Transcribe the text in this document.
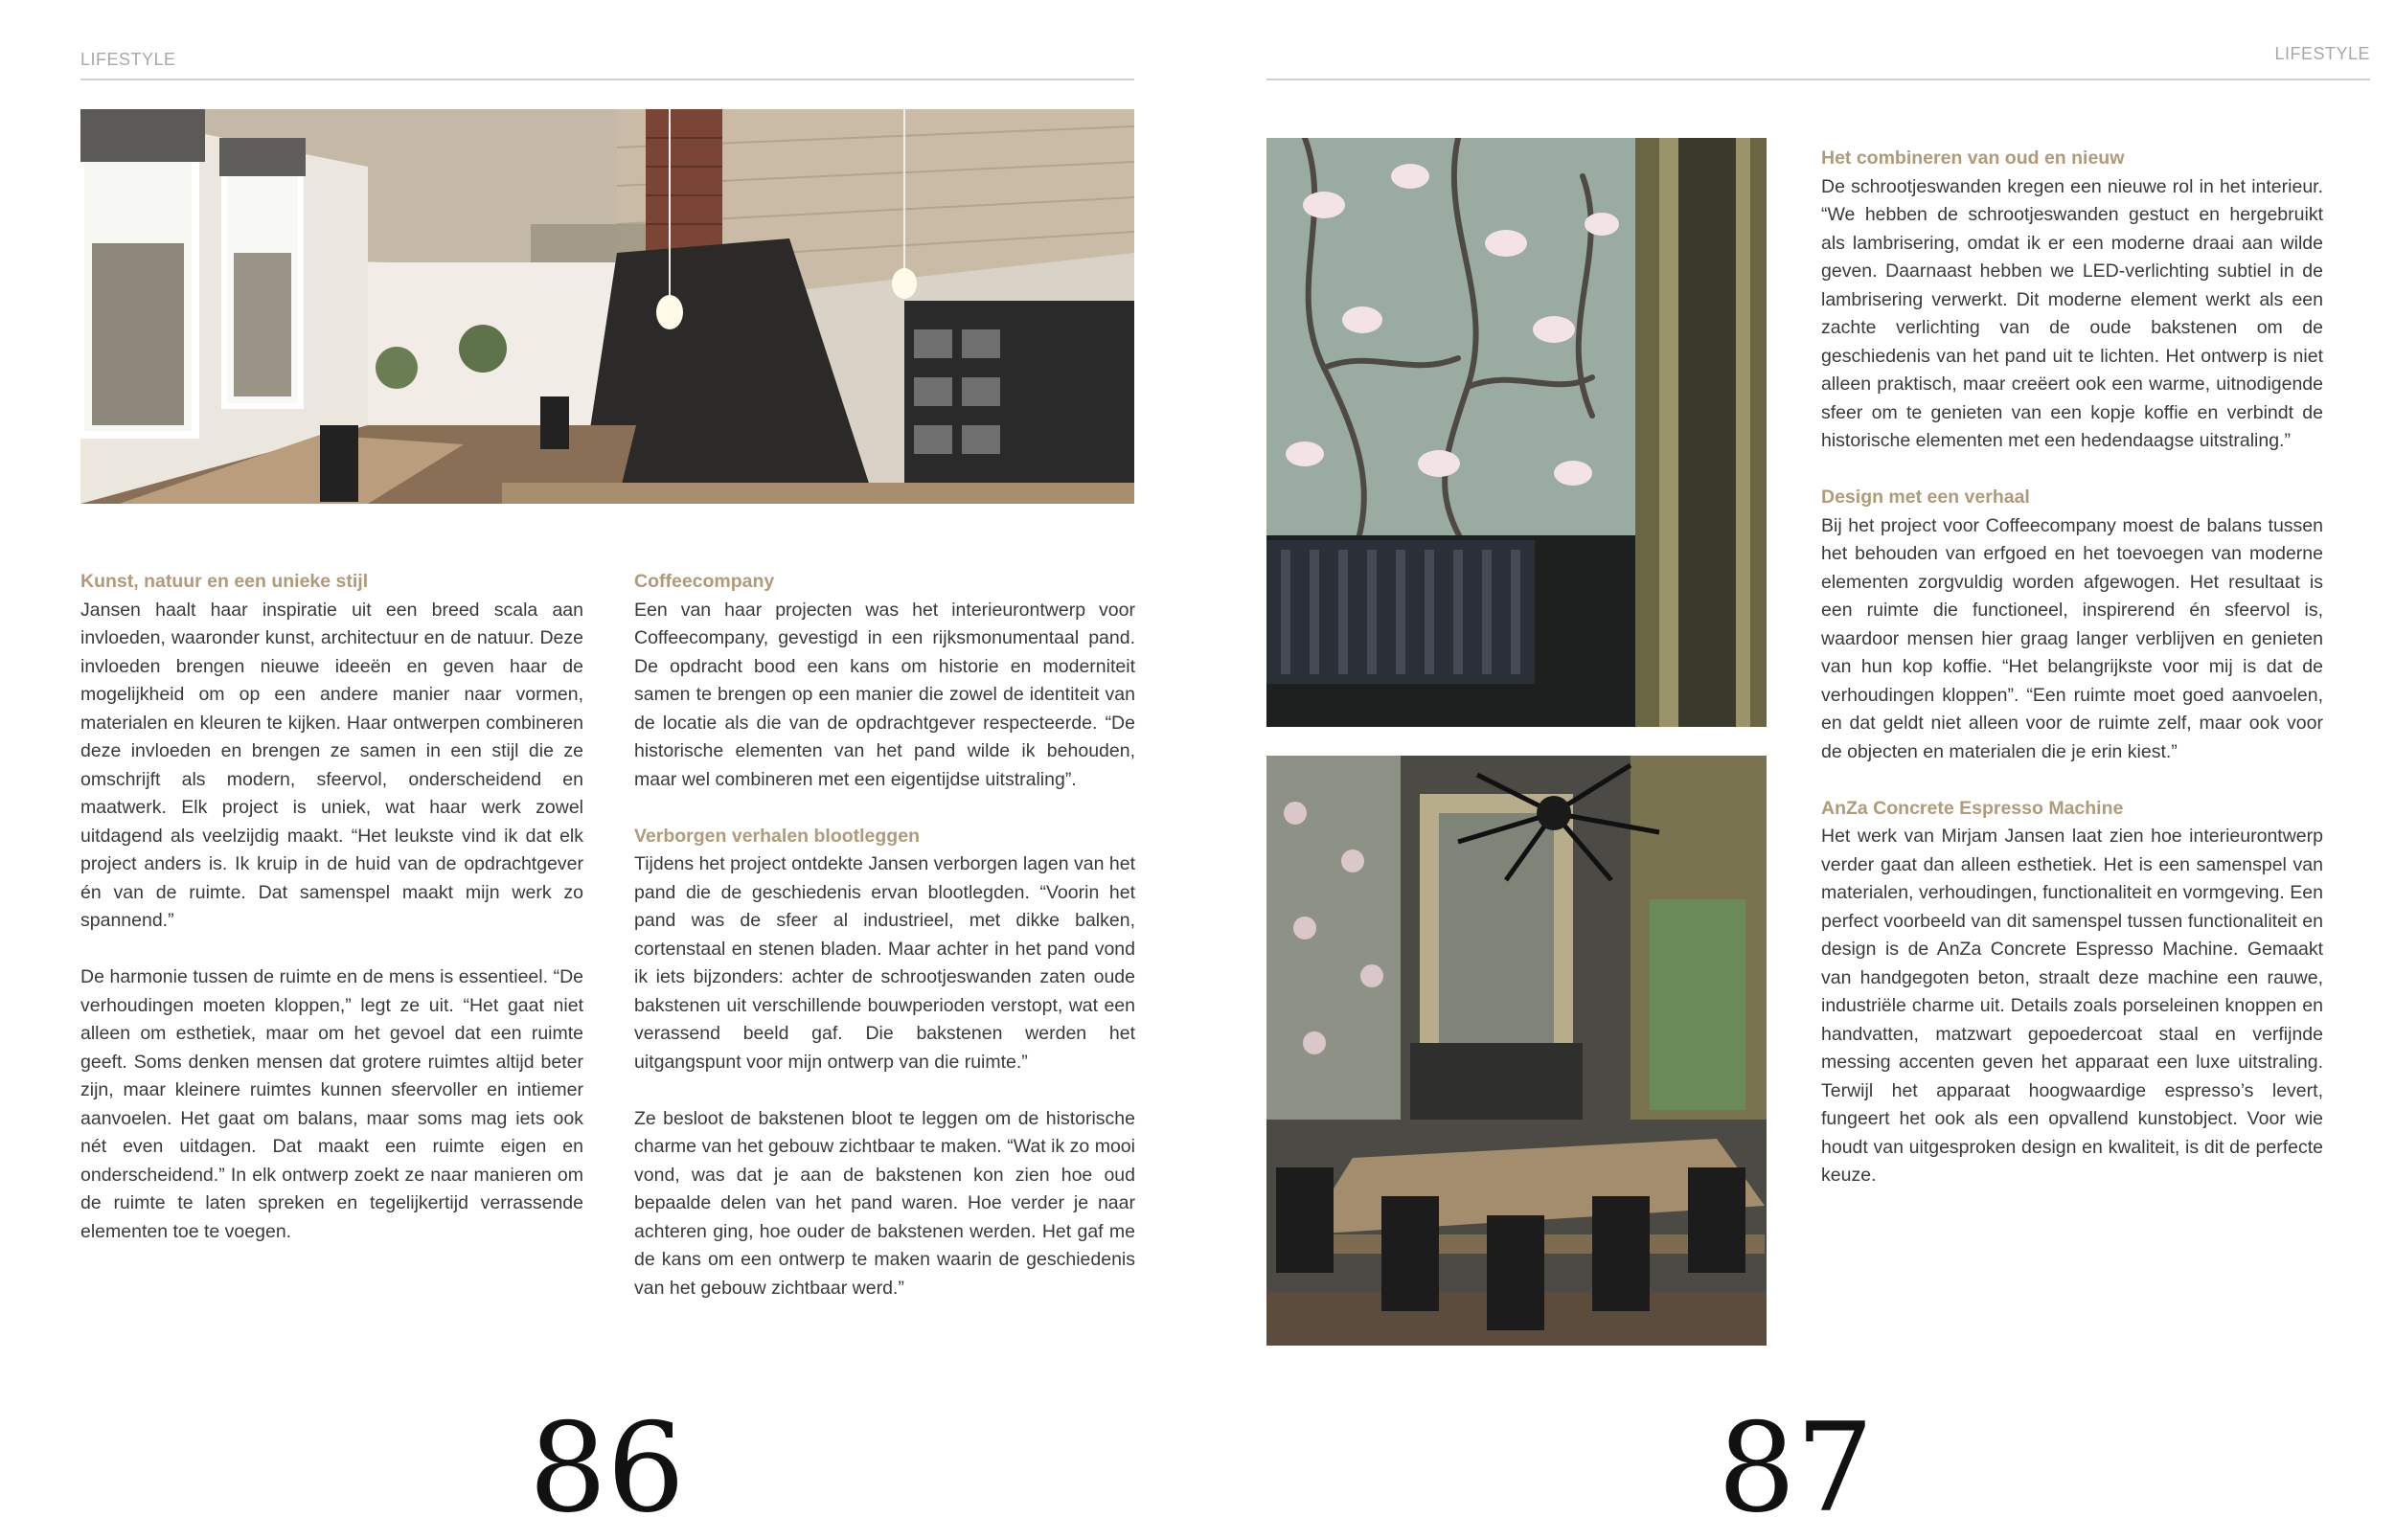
LIFESTYLE
Kunst, natuur en een unieke stijl

Jansen haalt haar inspiratie uit een breed scala aan invloeden, waaronder kunst, architectuur en de natuur. Deze invloeden brengen nieuwe ideeën en geven haar de mogelijkheid om op een andere manier naar vormen, materialen en kleuren te kijken. Haar ontwerpen combineren deze invloeden en brengen ze samen in een stijl die ze omschrijft als modern, sfeervol, onderscheidend en maatwerk. Elk project is uniek, wat haar werk zowel uitdagend als veelzijdig maakt. “Het leukste vind ik dat elk project anders is. Ik kruip in de huid van de opdrachtgever én van de ruimte. Dat samenspel maakt mijn werk zo spannend.”

De harmonie tussen de ruimte en de mens is essentieel. “De verhoudingen moeten kloppen,” legt ze uit. “Het gaat niet alleen om esthetiek, maar om het gevoel dat een ruimte geeft. Soms denken mensen dat grotere ruimtes altijd beter zijn, maar kleinere ruimtes kunnen sfeervoller en intiemer aanvoelen. Het gaat om balans, maar soms mag iets ook nét even uitdagen. Dat maakt een ruimte eigen en onderscheidend.” In elk ontwerp zoekt ze naar manieren om de ruimte te laten spreken en tegelijkertijd verrassende elementen toe te voegen.

Coffeecompany

Een van haar projecten was het interieurontwerp voor Coffeecompany, gevestigd in een rijksmonumentaal pand. De opdracht bood een kans om historie en moderniteit samen te brengen op een manier die zowel de identiteit van de locatie als die van de opdrachtgever respecteerde. “De historische elementen van het pand wilde ik behouden, maar wel combineren met een eigentijdse uitstraling”.

Verborgen verhalen blootleggen

Tijdens het project ontdekte Jansen verborgen lagen van het pand die de geschiedenis ervan blootlegden. “Voorin het pand was de sfeer al industrieel, met dikke balken, cortenstaal en stenen bladen. Maar achter in het pand vond ik iets bijzonders: achter de schrootjeswanden zaten oude bakstenen uit verschillende bouwperioden verstopt, wat een verassend beeld gaf. Die bakstenen werden het uitgangspunt voor mijn ontwerp van die ruimte.”

Ze besloot de bakstenen bloot te leggen om de historische charme van het gebouw zichtbaar te maken. “Wat ik zo mooi vond, was dat je aan de bakstenen kon zien hoe oud bepaalde delen van het pand waren. Hoe verder je naar achteren ging, hoe ouder de bakstenen werden. Het gaf me de kans om een ontwerp te maken waarin de geschiedenis van het gebouw zichtbaar werd.”

86
LIFESTYLE
Het combineren van oud en nieuw

De schrootjeswanden kregen een nieuwe rol in het interieur. “We hebben de schrootjeswanden gestuct en hergebruikt als lambrisering, omdat ik er een moderne draai aan wilde geven. Daarnaast hebben we LED-verlichting subtiel in de lambrisering verwerkt. Dit moderne element werkt als een zachte verlichting van de oude bakstenen om de geschiedenis van het pand uit te lichten. Het ontwerp is niet alleen praktisch, maar creëert ook een warme, uitnodigende sfeer om te genieten van een kopje koffie en verbindt de historische elementen met een hedendaagse uitstraling.”

Design met een verhaal

Bij het project voor Coffeecompany moest de balans tussen het behouden van erfgoed en het toevoegen van moderne elementen zorgvuldig worden afgewogen. Het resultaat is een ruimte die functioneel, inspirerend én sfeervol is, waardoor mensen hier graag langer verblijven en genieten van hun kop koffie. “Het belangrijkste voor mij is dat de verhoudingen kloppen”. “Een ruimte moet goed aanvoelen, en dat geldt niet alleen voor de ruimte zelf, maar ook voor de objecten en materialen die je erin kiest.”

AnZa Concrete Espresso Machine

Het werk van Mirjam Jansen laat zien hoe interieurontwerp verder gaat dan alleen esthetiek. Het is een samenspel van materialen, verhoudingen, functionaliteit en vormgeving. Een perfect voorbeeld van dit samenspel tussen functionaliteit en design is de AnZa Concrete Espresso Machine. Gemaakt van handgegoten beton, straalt deze machine een rauwe, industriële charme uit. Details zoals porseleinen knoppen en handvatten, matzwart gepoedercoat staal en verfijnde messing accenten geven het apparaat een luxe uitstraling. Terwijl het apparaat hoogwaardige espresso’s levert, fungeert het ook als een opvallend kunstobject. Voor wie houdt van uitgesproken design en kwaliteit, is dit de perfecte keuze.

87
